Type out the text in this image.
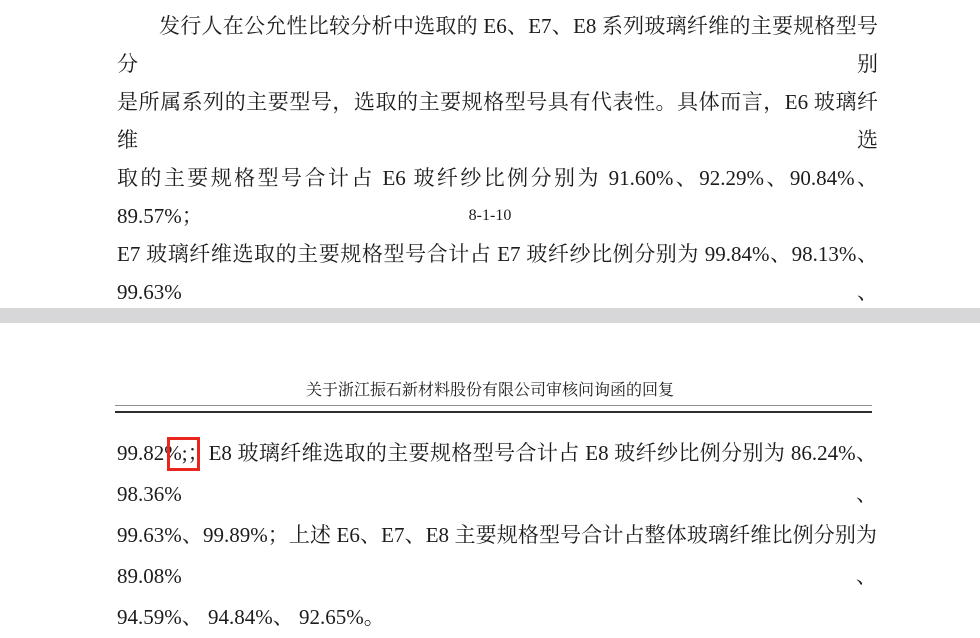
发行人在公允性比较分析中选取的 E6、E7、E8 系列玻璃纤维的主要规格型号分别
是所属系列的主要型号，选取的主要规格型号具有代表性。具体而言，E6 玻璃纤维选
取的主要规格型号合计占 E6 玻纤纱比例分别为 91.60%、92.29%、90.84%、89.57%；
E7 玻璃纤维选取的主要规格型号合计占 E7 玻纤纱比例分别为 99.84%、98.13%、99.63%、
8-1-10
关于浙江振石新材料股份有限公司审核问询函的回复
99.82%;；E8 玻璃纤维选取的主要规格型号合计占 E8 玻纤纱比例分别为 86.24%、98.36%、
99.63%、99.89%；上述 E6、E7、E8 主要规格型号合计占整体玻璃纤维比例分别为 89.08%、
94.59%、 94.84%、 92.65%。
